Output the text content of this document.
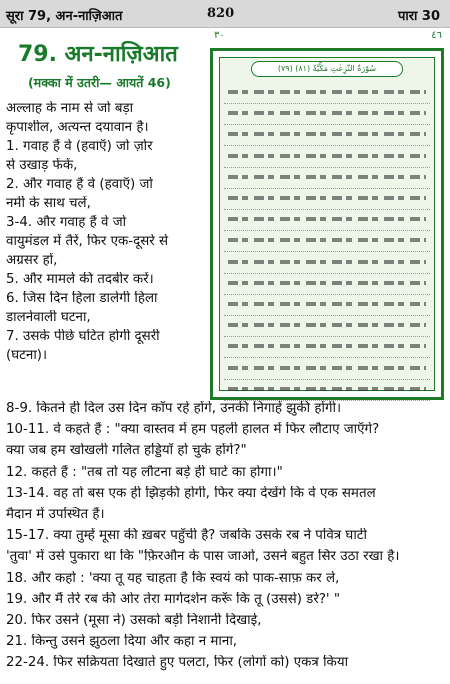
सूरा 79, अन-नाज़िआत	820	पारा 30
79. अन-नाज़िआत
(मक्का में उतरी— आयतें 46)
अल्लाह के नाम से जो बड़ा
कृपाशील, अत्यन्त दयावान है।
1. गवाह हैं वे (हवाएँ) जो ज़ोर
से उखाड़ फेंकें,
2. और गवाह हैं वे (हवाएँ) जो
नर्मी के साथ चलें,
3-4. और गवाह हैं वे जो
वायुमंडल में तैरें, फिर एक-दूसरे से
अग्रसर हों,
5. और मामले की तदबीर करें।
6. जिस दिन हिला डालेगी हिला
डालनेवाली घटना,
7. उसके पीछे घटित होगी दूसरी
(घटना)।
٣٠	٤٦
(٧٩) سُوْرَةُ النّٰزِعٰتِ مَكِّيَّةٌ (٨١)
8-9. कितने ही दिल उस दिन काँप रहे होंगे, उनकी निगाहें झुकी होंगी।
10-11. वे कहते हैं : "क्या वास्तव में हम पहली हालत में फिर लौटाए जाएँगे?
क्या जब हम खोखली गलित हड्डियाँ हो चुके होंगे?"
12. कहते हैं : "तब तो यह लौटना बड़े ही घाटे का होगा।"
13-14. वह तो बस एक ही झिड़की होगी, फिर क्या देखेंगे कि वे एक समतल
मैदान में उपस्थित हैं।
15-17. क्या तुम्हें मूसा की ख़बर पहुँची है? जबकि उसके रब ने पवित्र घाटी
'तुवा' में उसे पुकारा था कि "फ़िरऔन के पास जाओ, उसने बहुत सिर उठा रखा है।
18. और कहो : 'क्या तू यह चाहता है कि स्वयं को पाक-साफ़ कर ले,
19. और मैं तेरे रब की ओर तेरा मार्गदर्शन करूँ कि तू (उससे) डरे?' "
20. फिर उसने (मूसा ने) उसको बड़ी निशानी दिखाई,
21. किन्तु उसने झुठला दिया और कहा न माना,
22-24. फिर सक्रियता दिखाते हुए पलटा, फिर (लोगों को) एकत्र किया
